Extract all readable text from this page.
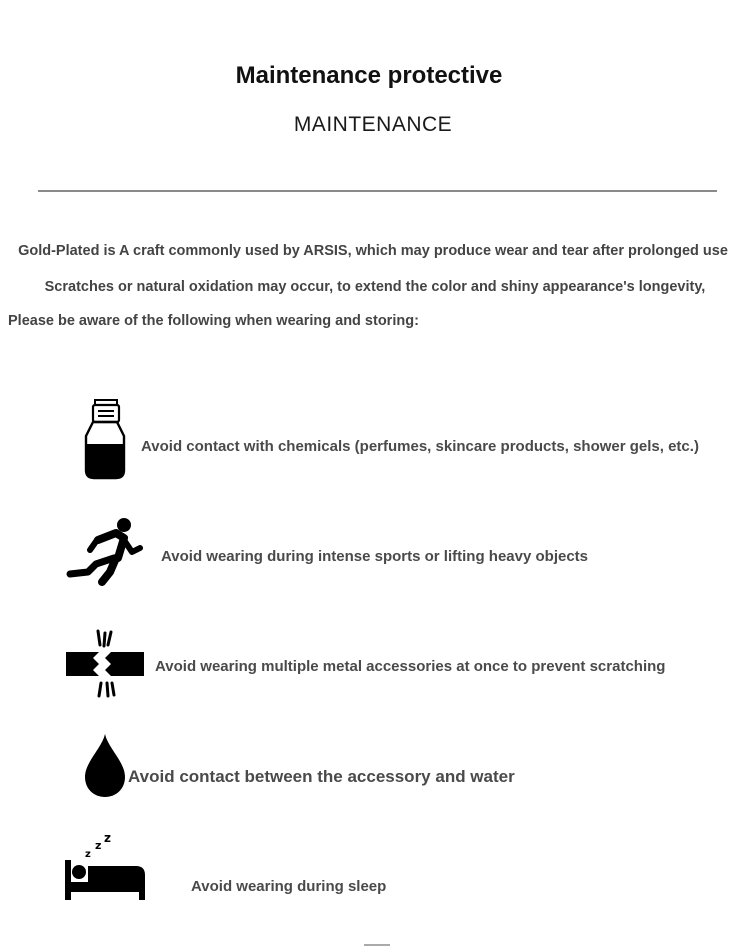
Maintenance protective
MAINTENANCE
Gold-Plated is A craft commonly used by ARSIS, which may produce wear and tear after prolonged use
Scratches or natural oxidation may occur, to extend the color and shiny appearance's longevity,
Please be aware of the following when wearing and storing:
Avoid contact with chemicals (perfumes, skincare products, shower gels, etc.)
Avoid wearing during intense sports or lifting heavy objects
Avoid wearing multiple metal accessories at once to prevent scratching
Avoid contact between the accessory and water
z
z
z
Avoid wearing during sleep
